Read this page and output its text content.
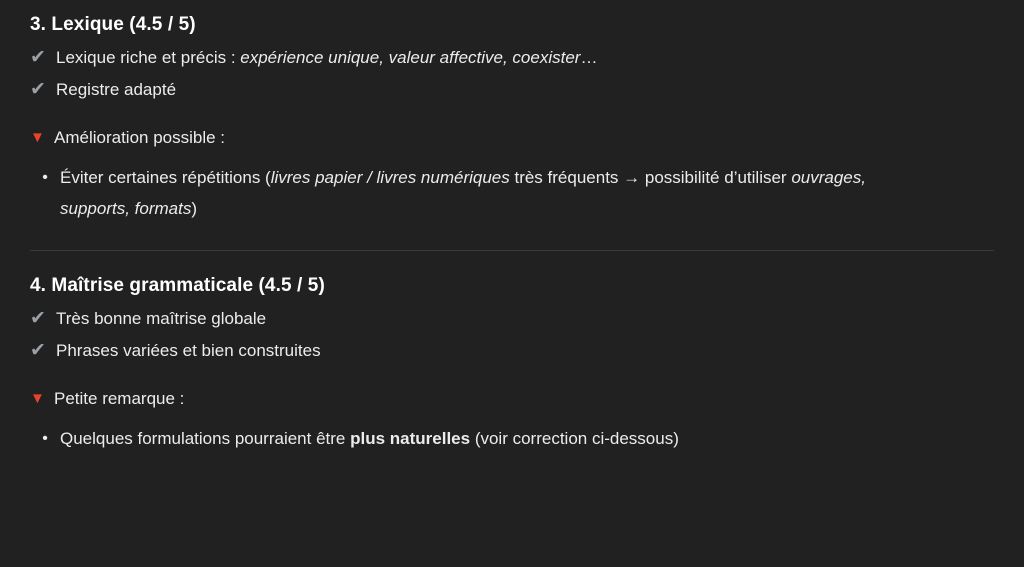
3. Lexique (4.5 / 5)
✔ Lexique riche et précis : expérience unique, valeur affective, coexister…
✔ Registre adapté
▼ Amélioration possible :
• Éviter certaines répétitions (livres papier / livres numériques très fréquents → possibilité d’utiliser ouvrages, supports, formats)
4. Maîtrise grammaticale (4.5 / 5)
✔ Très bonne maîtrise globale
✔ Phrases variées et bien construites
▼ Petite remarque :
• Quelques formulations pourraient être plus naturelles (voir correction ci-dessous)
